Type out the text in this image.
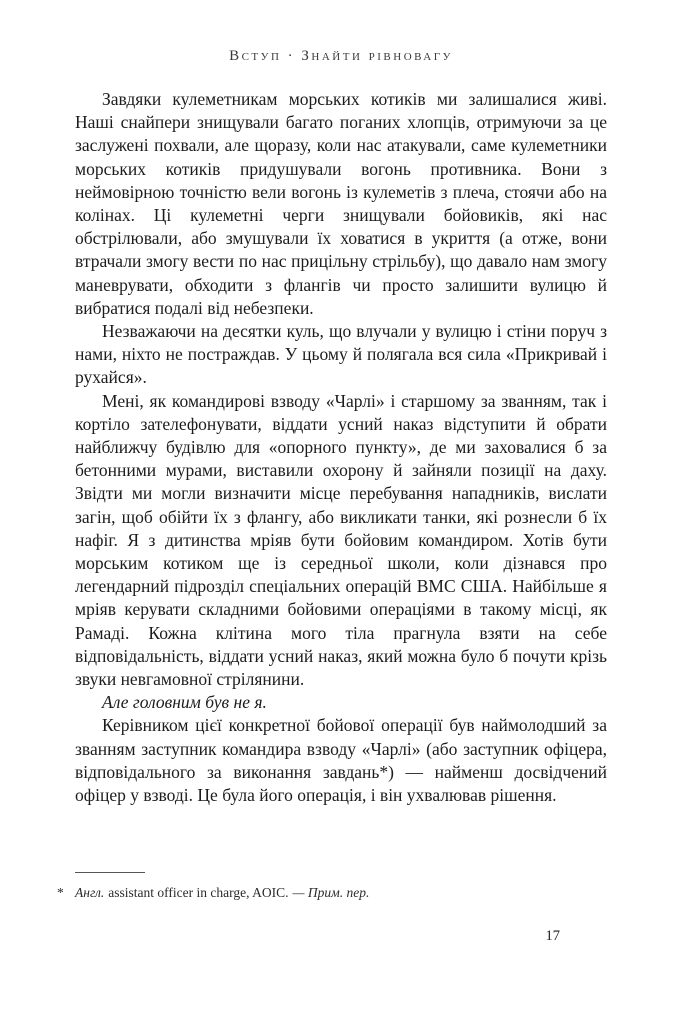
Вступ · Знайти рівновагу

Завдяки кулеметникам морських котиків ми залишалися живі. Наші снайпери знищували багато поганих хлопців, отримуючи за це заслужені похвали, але щоразу, коли нас атакували, саме кулеметники морських котиків придушували вогонь противника. Вони з неймовірною точністю вели вогонь із кулеметів з плеча, стоячи або на колінах. Ці кулеметні черги знищували бойовиків, які нас обстрілювали, або змушували їх ховатися в укриття (а отже, вони втрачали змогу вести по нас прицільну стрільбу), що давало нам змогу маневрувати, обходити з флангів чи просто залишити вулицю й вибратися подалі від небезпеки.

Незважаючи на десятки куль, що влучали у вулицю і стіни поруч з нами, ніхто не постраждав. У цьому й полягала вся сила «Прикривай і рухайся».

Мені, як командирові взводу «Чарлі» і старшому за званням, так і кортіло зателефонувати, віддати усний наказ відступити й обрати найближчу будівлю для «опорного пункту», де ми заховалися б за бетонними мурами, виставили охорону й зайняли позиції на даху. Звідти ми могли визначити місце перебування нападників, вислати загін, щоб обійти їх з флангу, або викликати танки, які рознесли б їх нафіг. Я з дитинства мріяв бути бойовим командиром. Хотів бути морським котиком ще із середньої школи, коли дізнався про легендарний підрозділ спеціальних операцій ВМС США. Найбільше я мріяв керувати складними бойовими операціями в такому місці, як Рамаді. Кожна клітина мого тіла прагнула взяти на себе відповідальність, віддати усний наказ, який можна було б почути крізь звуки невгамовної стрілянини.

Але головним був не я.

Керівником цієї конкретної бойової операції був наймолодший за званням заступник командира взводу «Чарлі» (або заступник офіцера, відповідального за виконання завдань*) — найменш досвідчений офіцер у взводі. Це була його операція, і він ухвалював рішення.

* Англ. assistant officer in charge, AOIC. — Прим. пер.
17
